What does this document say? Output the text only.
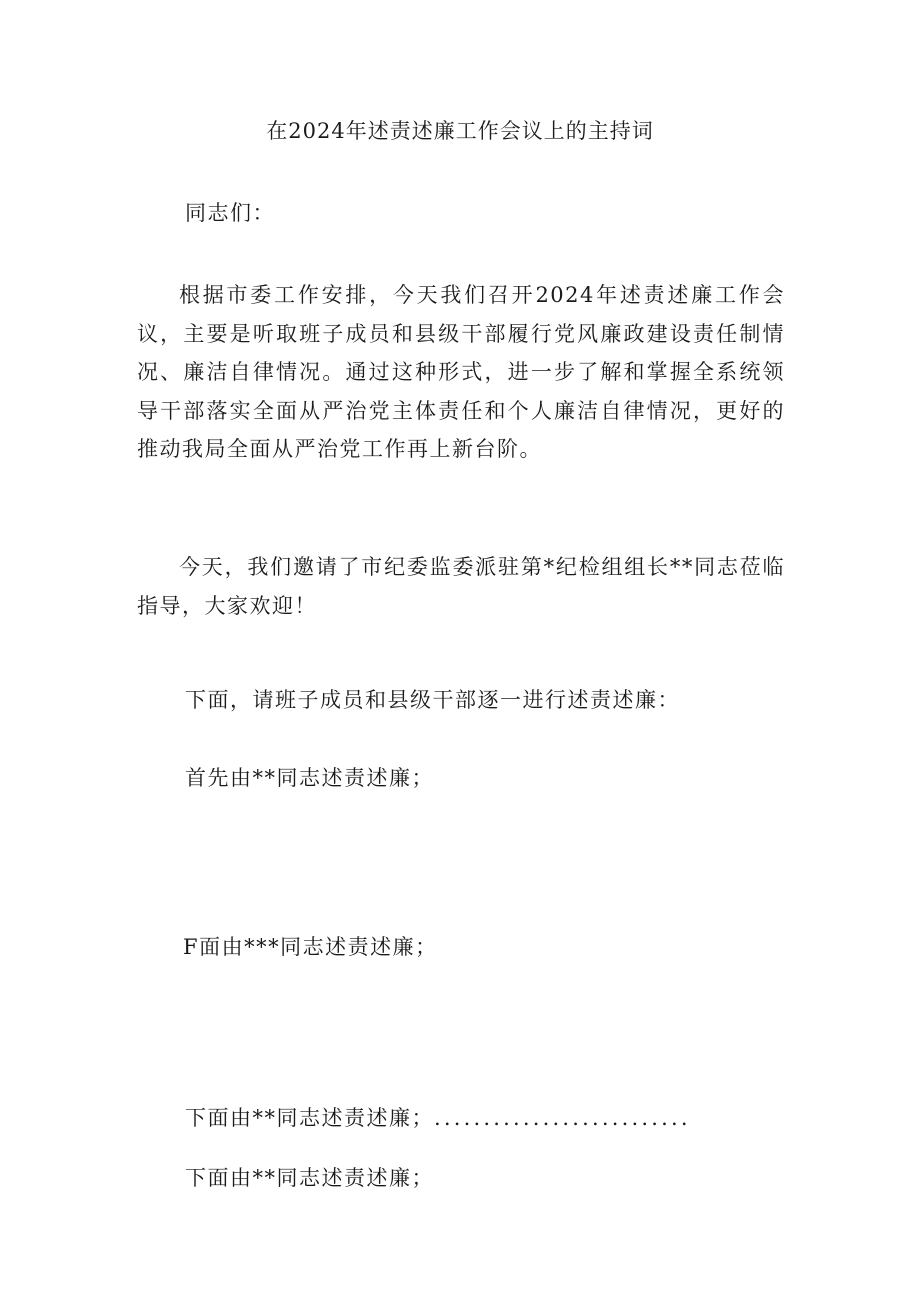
在2024年述责述廉工作会议上的主持词

同志们：

根据市委工作安排，今天我们召开2024年述责述廉工作会议，主要是听取班子成员和县级干部履行党风廉政建设责任制情况、廉洁自律情况。通过这种形式，进一步了解和掌握全系统领导干部落实全面从严治党主体责任和个人廉洁自律情况，更好的推动我局全面从严治党工作再上新台阶。

今天，我们邀请了市纪委监委派驻第*纪检组组长**同志莅临指导，大家欢迎！

下面，请班子成员和县级干部逐一进行述责述廉：

首先由**同志述责述廉；

F面由***同志述责述廉；

下面由**同志述责述廉；..........................

下面由**同志述责述廉；
